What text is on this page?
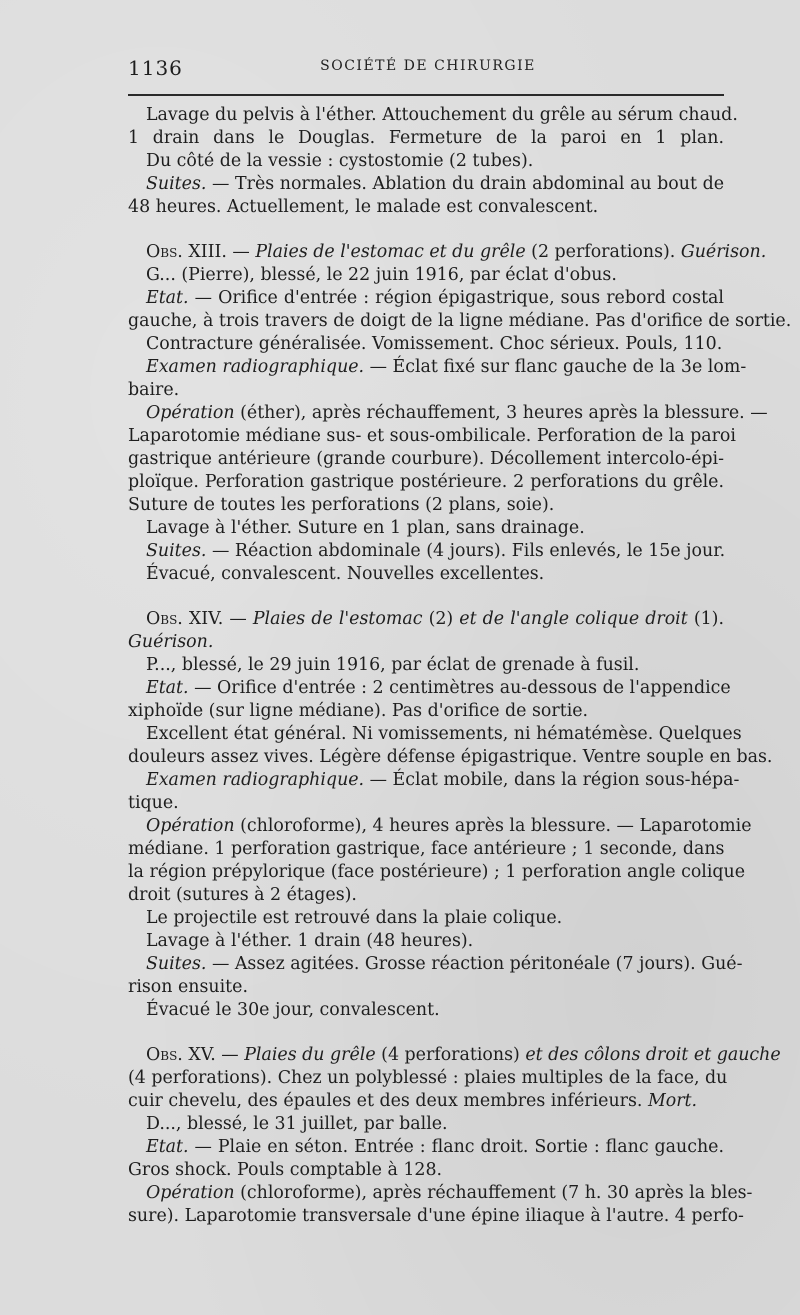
1136	SOCIÉTÉ DE CHIRURGIE
Lavage du pelvis à l'éther. Attouchement du grêle au sérum chaud.
1 drain dans le Douglas. Fermeture de la paroi en 1 plan.
Du côté de la vessie : cystostomie (2 tubes).
Suites. — Très normales. Ablation du drain abdominal au bout de
48 heures. Actuellement, le malade est convalescent.
Obs. XIII. — Plaies de l'estomac et du grêle (2 perforations). Guérison.
G... (Pierre), blessé, le 22 juin 1916, par éclat d'obus.
Etat. — Orifice d'entrée : région épigastrique, sous rebord costal
gauche, à trois travers de doigt de la ligne médiane. Pas d'orifice de sortie.
Contracture généralisée. Vomissement. Choc sérieux. Pouls, 110.
Examen radiographique. — Éclat fixé sur flanc gauche de la 3e lom-
baire.
Opération (éther), après réchauffement, 3 heures après la blessure. —
Laparotomie médiane sus- et sous-ombilicale. Perforation de la paroi
gastrique antérieure (grande courbure). Décollement intercolo-épi-
ploïque. Perforation gastrique postérieure. 2 perforations du grêle.
Suture de toutes les perforations (2 plans, soie).
Lavage à l'éther. Suture en 1 plan, sans drainage.
Suites. — Réaction abdominale (4 jours). Fils enlevés, le 15e jour.
Évacué, convalescent. Nouvelles excellentes.
Obs. XIV. — Plaies de l'estomac (2) et de l'angle colique droit (1).
Guérison.
P..., blessé, le 29 juin 1916, par éclat de grenade à fusil.
Etat. — Orifice d'entrée : 2 centimètres au-dessous de l'appendice
xiphoïde (sur ligne médiane). Pas d'orifice de sortie.
Excellent état général. Ni vomissements, ni hématémèse. Quelques
douleurs assez vives. Légère défense épigastrique. Ventre souple en bas.
Examen radiographique. — Éclat mobile, dans la région sous-hépa-
tique.
Opération (chloroforme), 4 heures après la blessure. — Laparotomie
médiane. 1 perforation gastrique, face antérieure ; 1 seconde, dans
la région prépylorique (face postérieure) ; 1 perforation angle colique
droit (sutures à 2 étages).
Le projectile est retrouvé dans la plaie colique.
Lavage à l'éther. 1 drain (48 heures).
Suites. — Assez agitées. Grosse réaction péritonéale (7 jours). Gué-
rison ensuite.
Évacué le 30e jour, convalescent.
Obs. XV. — Plaies du grêle (4 perforations) et des côlons droit et gauche
(4 perforations). Chez un polyblessé : plaies multiples de la face, du
cuir chevelu, des épaules et des deux membres inférieurs. Mort.
D..., blessé, le 31 juillet, par balle.
Etat. — Plaie en séton. Entrée : flanc droit. Sortie : flanc gauche.
Gros shock. Pouls comptable à 128.
Opération (chloroforme), après réchauffement (7 h. 30 après la bles-
sure). Laparotomie transversale d'une épine iliaque à l'autre. 4 perfo-
